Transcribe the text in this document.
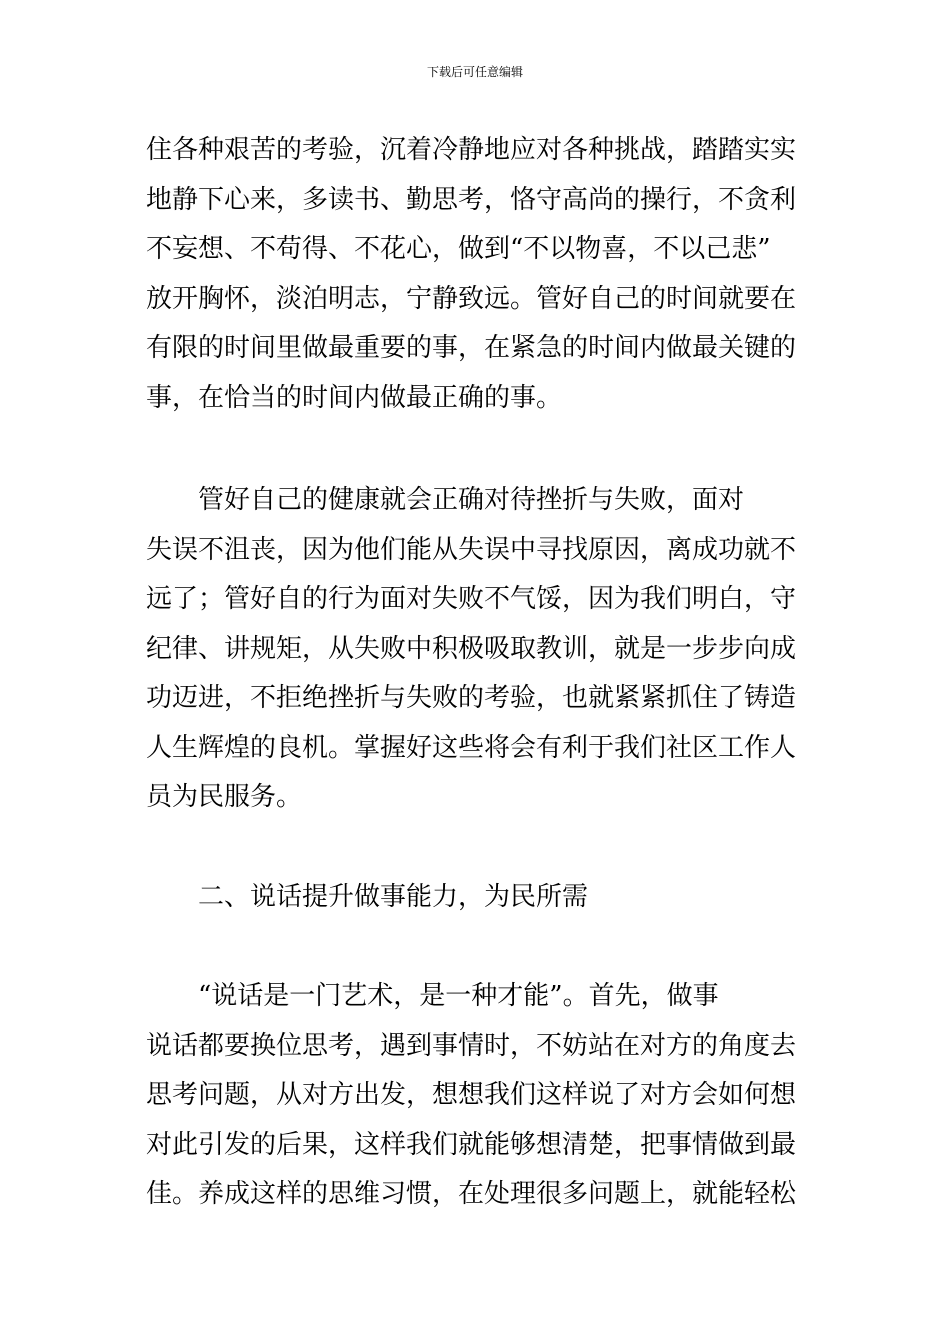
下载后可任意编辑
住各种艰苦的考验，沉着冷静地应对各种挑战，踏踏实实
地静下心来，多读书、勤思考，恪守高尚的操行，不贪利
不妄想、不苟得、不花心，做到“不以物喜，不以己悲”
放开胸怀，淡泊明志，宁静致远。管好自己的时间就要在
有限的时间里做最重要的事，在紧急的时间内做最关键的
事，在恰当的时间内做最正确的事。
　　管好自己的健康就会正确对待挫折与失败，面对
失误不沮丧，因为他们能从失误中寻找原因，离成功就不
远了；管好自的行为面对失败不气馁，因为我们明白，守
纪律、讲规矩，从失败中积极吸取教训，就是一步步向成
功迈进，不拒绝挫折与失败的考验，也就紧紧抓住了铸造
人生辉煌的良机。掌握好这些将会有利于我们社区工作人
员为民服务。
　　二、说话提升做事能力，为民所需
　　“说话是一门艺术，是一种才能”。首先，做事
说话都要换位思考，遇到事情时，不妨站在对方的角度去
思考问题，从对方出发，想想我们这样说了对方会如何想
对此引发的后果，这样我们就能够想清楚，把事情做到最
佳。养成这样的思维习惯，在处理很多问题上，就能轻松
